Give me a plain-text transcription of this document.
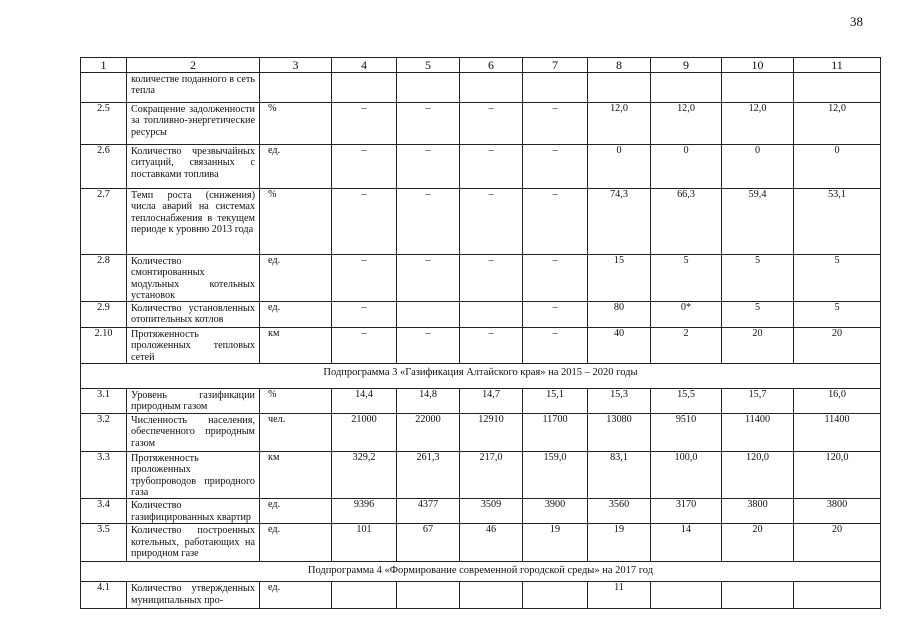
38
1	2	3	4	5	6	7	8	9	10	11
	количестве поданного в сеть тепла									
2.5	Сокращение задолженности за топливно-энергетические ресурсы	%	–	–	–	–	12,0	12,0	12,0	12,0
2.6	Количество чрезвычайных ситуаций, связанных с поставками топлива	ед.	–	–	–	–	0	0	0	0
2.7	Темп роста (снижения) числа аварий на системах теплоснабжения в текущем периоде к уровню 2013 года	%	–	–	–	–	74,3	66,3	59,4	53,1
2.8	Количество смонтированных модульных котельных установок	ед.	–	–	–	–	15	5	5	5
2.9	Количество установленных отопительных котлов	ед.	–			–	80	0*	5	5
2.10	Протяженность проложенных тепловых сетей	км	–	–	–	–	40	2	20	20
Подпрограмма 3 «Газификация Алтайского края» на 2015 – 2020 годы										
3.1	Уровень газификации природным газом	%	14,4	14,8	14,7	15,1	15,3	15,5	15,7	16,0
3.2	Численность населения, обеспеченного природным газом	чел.	21000	22000	12910	11700	13080	9510	11400	11400
3.3	Протяженность проложенных трубопроводов природного газа	км	329,2	261,3	217,0	159,0	83,1	100,0	120,0	120,0
3.4	Количество газифицированных квартир	ед.	9396	4377	3509	3900	3560	3170	3800	3800
3.5	Количество построенных котельных, работающих на природном газе	ед.	101	67	46	19	19	14	20	20
Подпрограмма 4 «Формирование современной городской среды» на 2017 год										
4.1	Количество утвержденных муниципальных про-	ед.					11			
